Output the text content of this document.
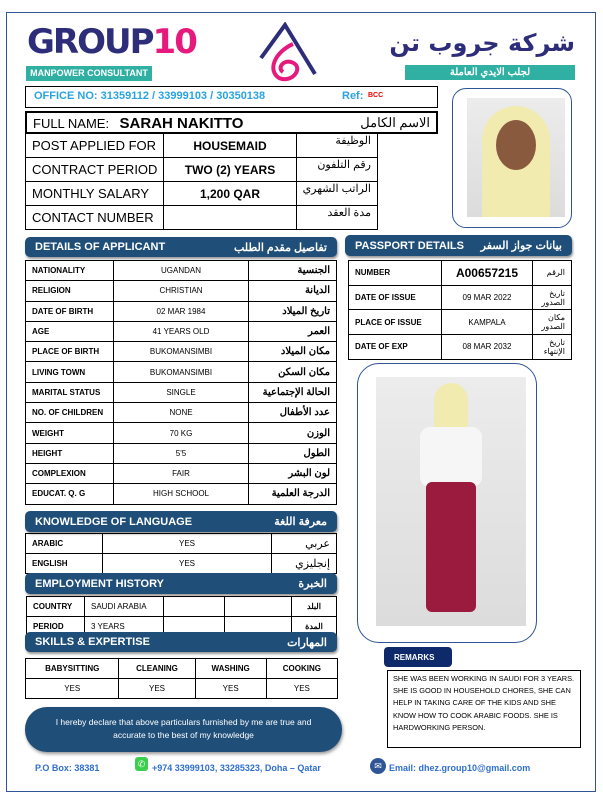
GROUP10
MANPOWER CONSULTANT
شركة جروب تن
لجلب الايدي العاملة
OFFICE NO: 31359112 / 33999103 / 30350138	Ref: BCC
FULL NAME: SARAH NAKITTO	الاسم الكامل
POST APPLIED FOR	HOUSEMAID	الوظيفة
CONTRACT PERIOD	TWO (2) YEARS	رقم التلفون
MONTHLY SALARY	1,200 QAR	الراتب الشهري
CONTACT NUMBER		مدة العقد
DETAILS OF APPLICANT	تفاصيل مقدم الطلب
NATIONALITY	UGANDAN	الجنسية
RELIGION	CHRISTIAN	الديانة
DATE OF BIRTH	02 MAR 1984	تاريخ الميلاد
AGE	41 YEARS OLD	العمر
PLACE OF BIRTH	BUKOMANSIMBI	مكان الميلاد
LIVING TOWN	BUKOMANSIMBI	مكان السكن
MARITAL STATUS	SINGLE	الحالة الإجتماعية
NO. OF CHILDREN	NONE	عدد الأطفال
WEIGHT	70 KG	الوزن
HEIGHT	5'5	الطول
COMPLEXION	FAIR	لون البشر
EDUCAT. Q. G	HIGH SCHOOL	الدرجة العلمية
PASSPORT DETAILS بيانات جواز السفر
NUMBER	A00657215	الرقم
DATE OF ISSUE	09 MAR 2022	تاريخ الصدور
PLACE OF ISSUE	KAMPALA	مكان الصدور
DATE OF EXP	08 MAR 2032	تاريخ الإنتهاء
KNOWLEDGE OF LANGUAGE	معرفة اللغة
ARABIC	YES	عربي
ENGLISH	YES	إنجليزي
EMPLOYMENT HISTORY	الخبرة
COUNTRY	SAUDI ARABIA			البلد
PERIOD	3 YEARS			المدة
SKILLS & EXPERTISE	المهارات
BABYSITTING	CLEANING	WASHING	COOKING
YES	YES	YES	YES
I hereby declare that above particulars furnished by me are true and accurate to the best of my knowledge
REMARKS
SHE WAS BEEN WORKING IN SAUDI FOR 3 YEARS. SHE IS GOOD IN HOUSEHOLD CHORES, SHE CAN HELP IN TAKING CARE OF THE KIDS AND SHE KNOW HOW TO COOK ARABIC FOODS. SHE IS HARDWORKING PERSON.
P.O Box: 38381	✆ +974 33999103, 33285323, Doha – Qatar	✉ Email: dhez.group10@gmail.com
